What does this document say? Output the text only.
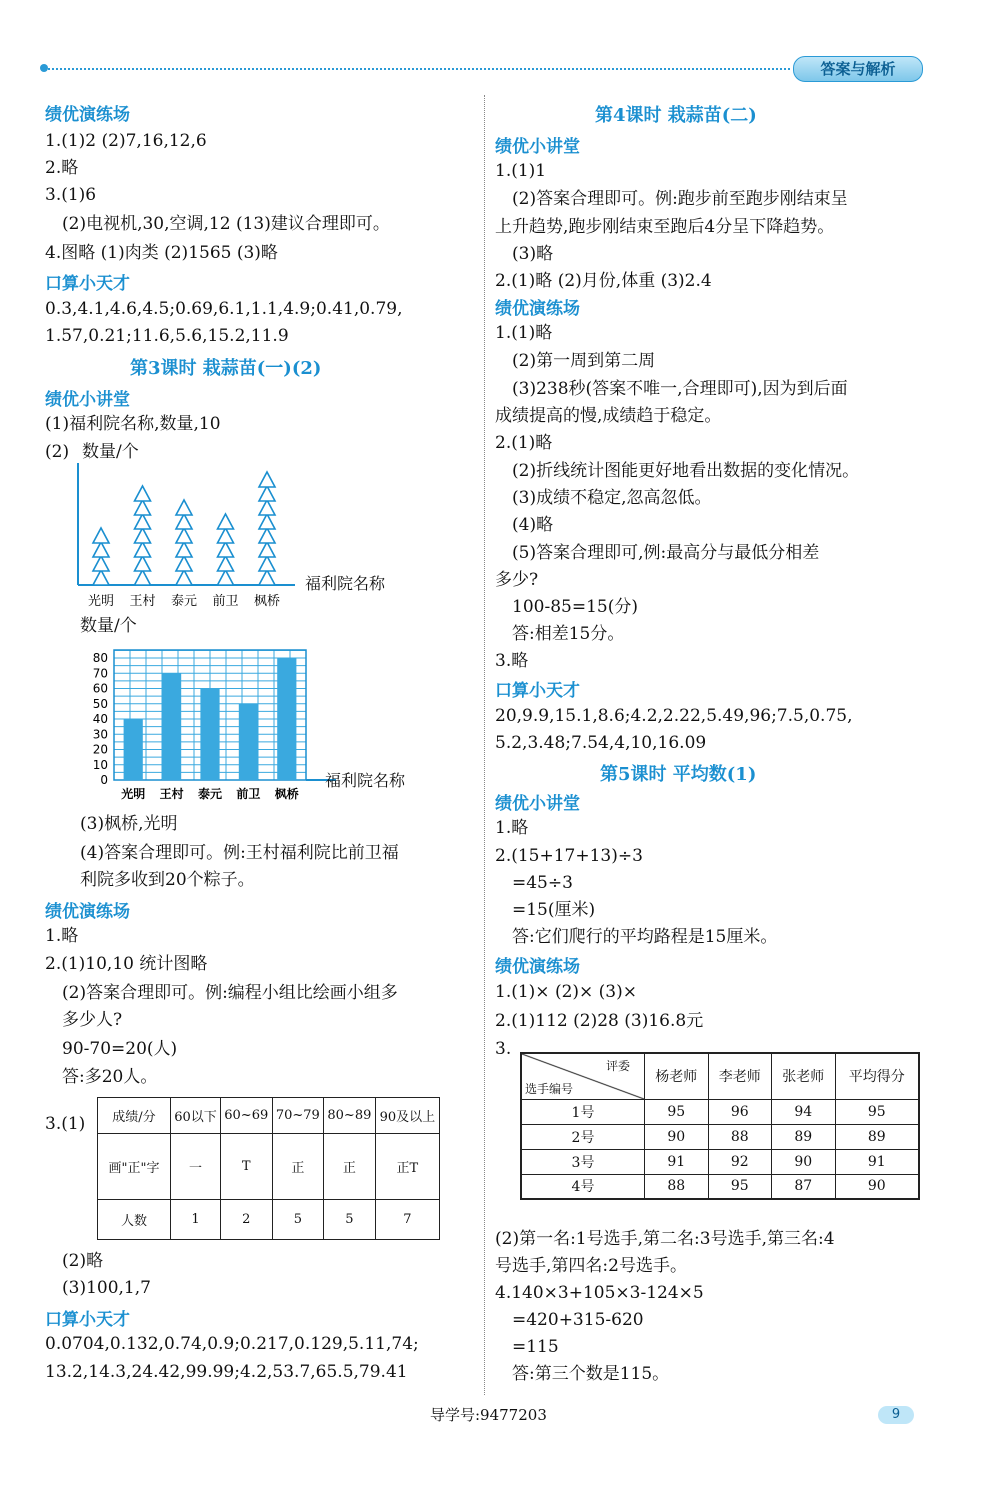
答案与解析
绩优演练场
1.(1)2 (2)7,16,12,6
2.略
3.(1)6
(2)电视机,30,空调,12 (13)建议合理即可。
4.图略 (1)肉类 (2)1565 (3)略
口算小天才
0.3,4.1,4.6,4.5;0.69,6.1,1.1,4.9;0.41,0.79,
1.57,0.21;11.6,5.6,15.2,11.9
第3课时 栽蒜苗(一)(2)
绩优小讲堂
(1)福利院名称,数量,10
(2) 数量/个
光明 王村 泰元 前卫 枫桥
福利院名称
数量/个
0
10
20
30
40
50
60
70
80
光明 王村 泰元 前卫 枫桥
福利院名称
(3)枫桥,光明
(4)答案合理即可。例:王村福利院比前卫福
利院多收到20个粽子。
绩优演练场
1.略
2.(1)10,10 统计图略
(2)答案合理即可。例:编程小组比绘画小组多
多少人?
90-70=20(人)
答:多20人。
3.(1) 成绩/分	60以下	60~69	70~79	80~89	90及以上
画"正"字	一	T	正	正	正T
人数	1	2	5	5	7
(2)略
(3)100,1,7
口算小天才
0.0704,0.132,0.74,0.9;0.217,0.129,5.11,74;
13.2,14.3,24.42,99.99;4.2,53.7,65.5,79.41
第4课时 栽蒜苗(二)
绩优小讲堂
1.(1)1
(2)答案合理即可。例:跑步前至跑步刚结束呈
上升趋势,跑步刚结束至跑后4分呈下降趋势。
(3)略
2.(1)略 (2)月份,体重 (3)2.4
绩优演练场
1.(1)略
(2)第一周到第二周
(3)238秒(答案不唯一,合理即可),因为到后面
成绩提高的慢,成绩趋于稳定。
2.(1)略
(2)折线统计图能更好地看出数据的变化情况。
(3)成绩不稳定,忽高忽低。
(4)略
(5)答案合理即可,例:最高分与最低分相差
多少?
100-85=15(分)
答:相差15分。
3.略
口算小天才
20,9.9,15.1,8.6;4.2,2.22,5.49,96;7.5,0.75,
5.2,3.48;7.54,4,10,16.09
第5课时 平均数(1)
绩优小讲堂
1.略
2.(15+17+13)÷3
=45÷3
=15(厘米)
答:它们爬行的平均路程是15厘米。
绩优演练场
2.(1)112 (2)28 (3)16.8元
1.(1)× (2)× (3)×
3.
评委
选手编号	杨老师	李老师	张老师	平均得分
1号	95	96	94	95
2号	90	88	89	89
3号	91	92	90	91
4号	88	95	87	90
(2)第一名:1号选手,第二名:3号选手,第三名:4
号选手,第四名:2号选手。
4.140×3+105×3-124×5
=420+315-620
=115
答:第三个数是115。
导学号:9477203	9
